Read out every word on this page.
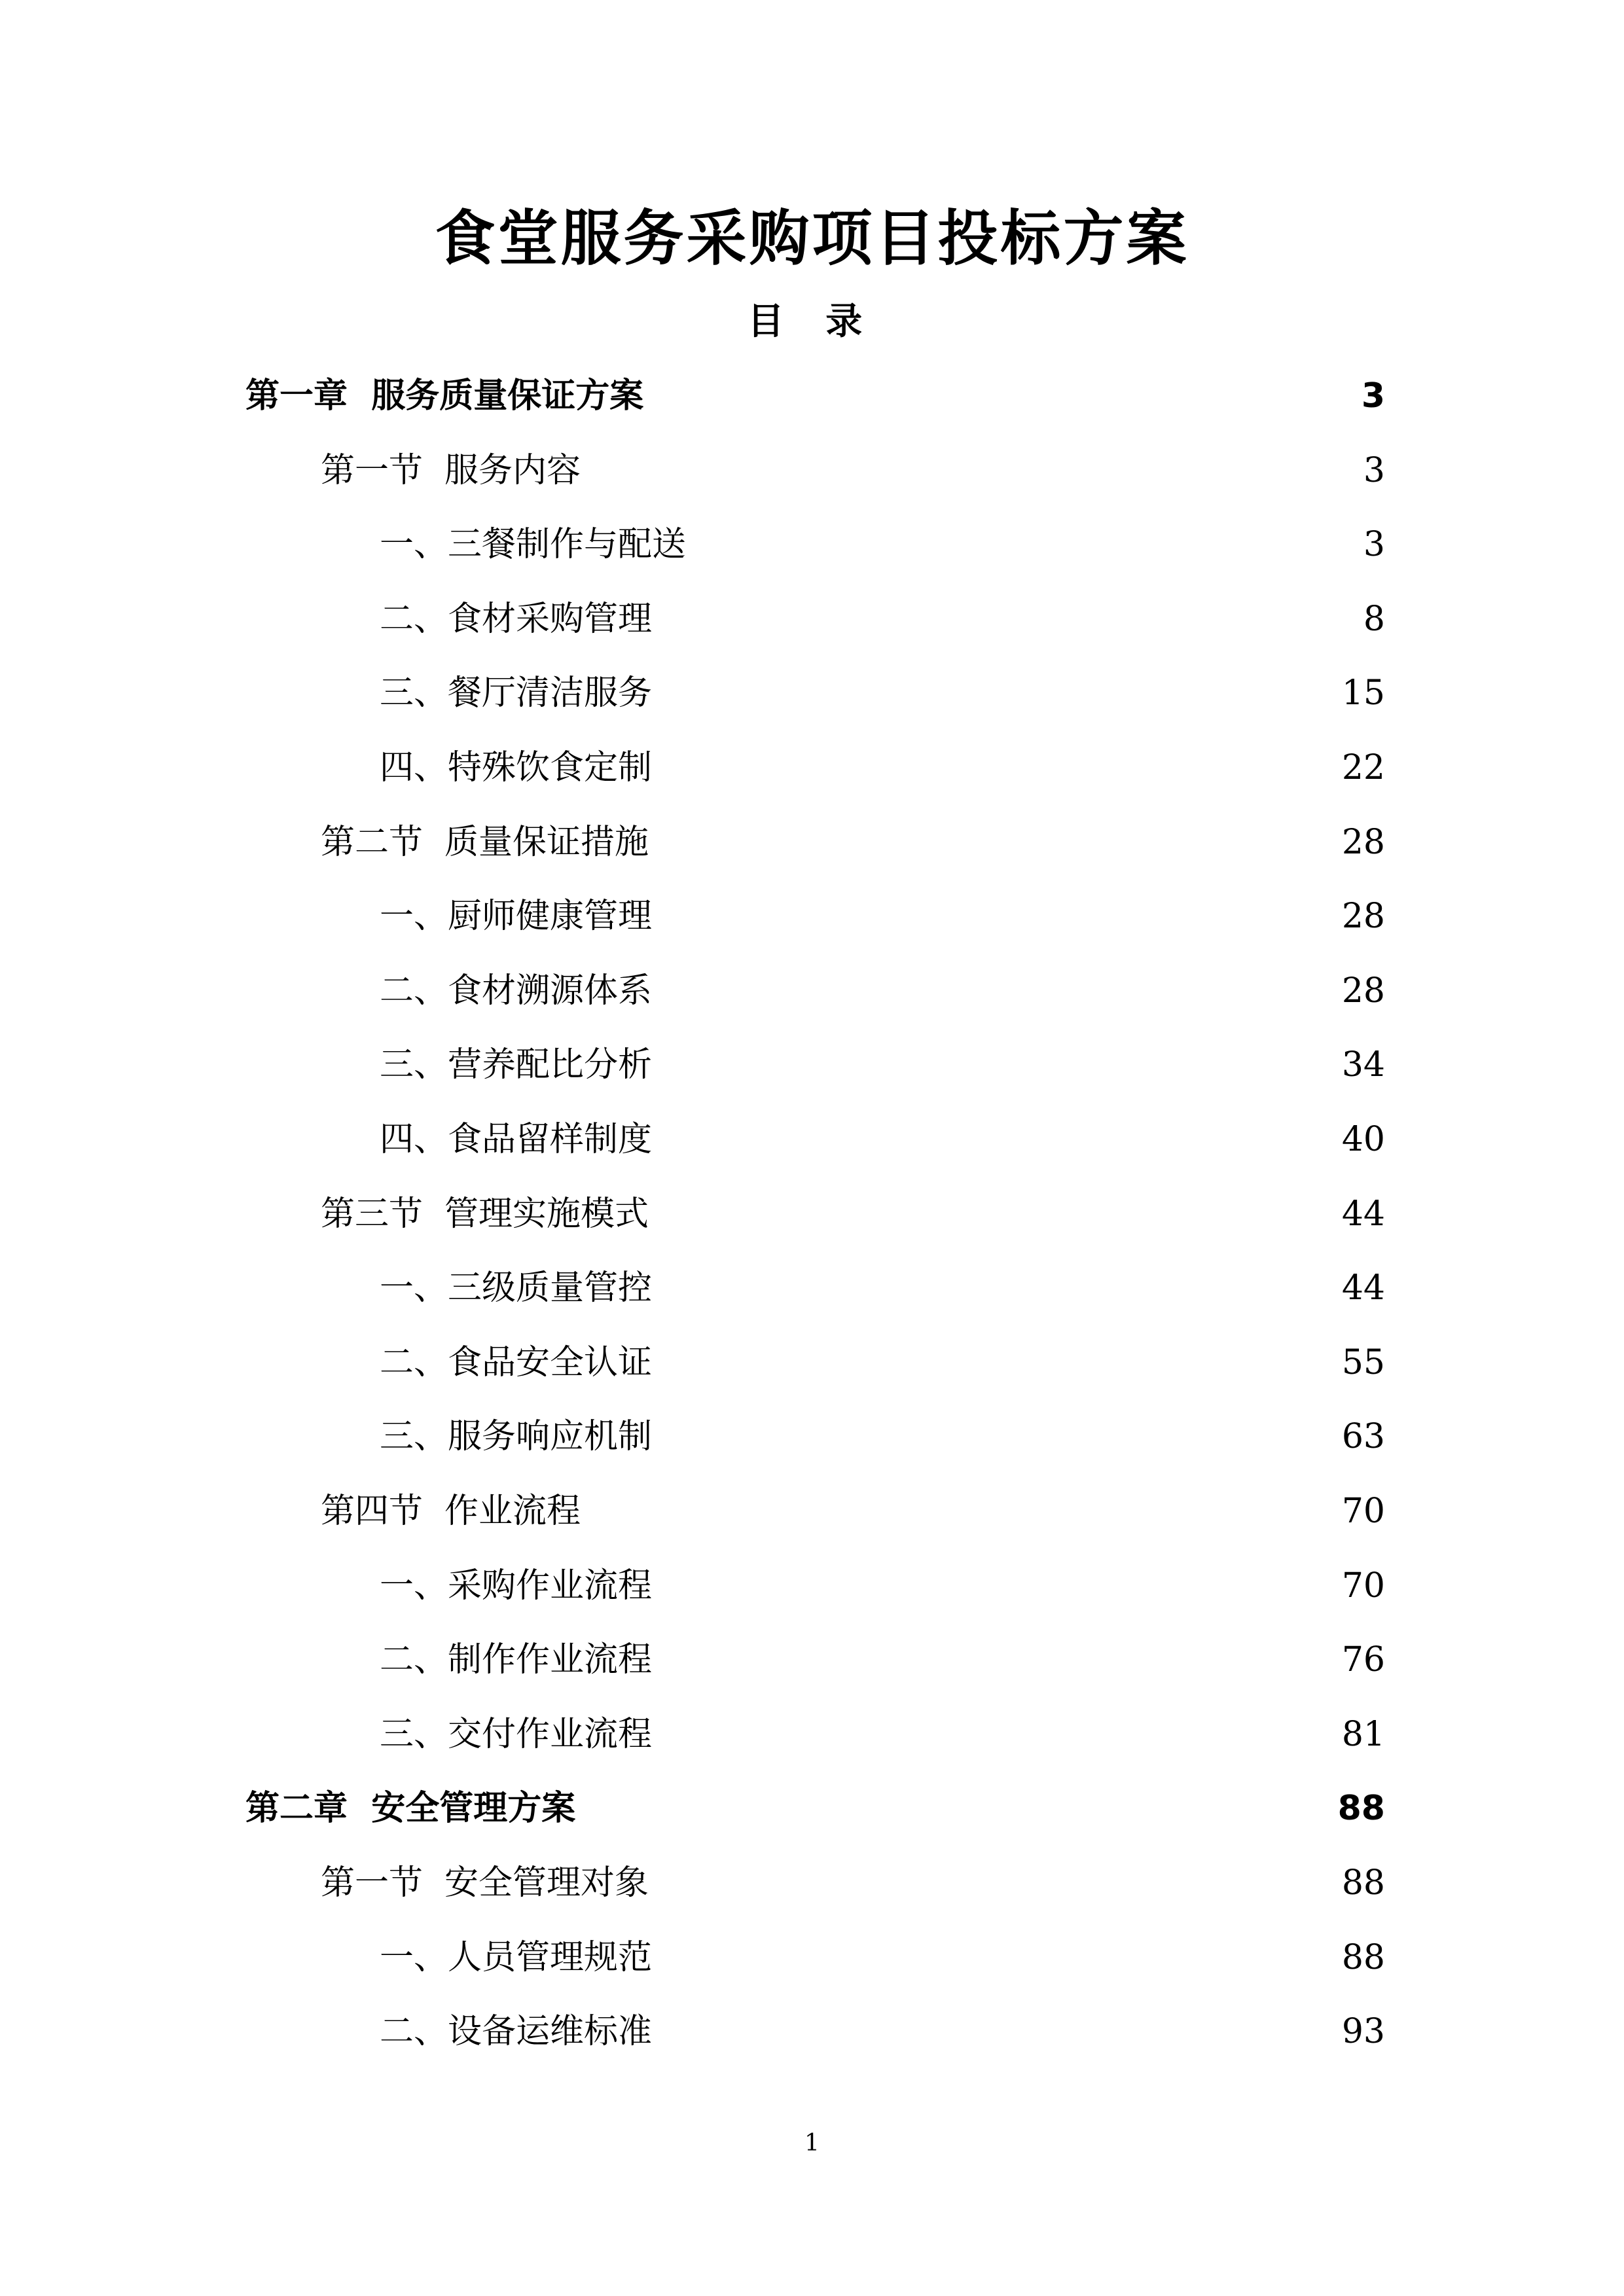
食堂服务采购项目投标方案
目 录
第一章  服务质量保证方案	3
第一节  服务内容	3
一、三餐制作与配送	3
二、食材采购管理	8
三、餐厅清洁服务	15
四、特殊饮食定制	22
第二节  质量保证措施	28
一、厨师健康管理	28
二、食材溯源体系	28
三、营养配比分析	34
四、食品留样制度	40
第三节  管理实施模式	44
一、三级质量管控	44
二、食品安全认证	55
三、服务响应机制	63
第四节  作业流程	70
一、采购作业流程	70
二、制作作业流程	76
三、交付作业流程	81
第二章  安全管理方案	88
第一节  安全管理对象	88
一、人员管理规范	88
二、设备运维标准	93
1
